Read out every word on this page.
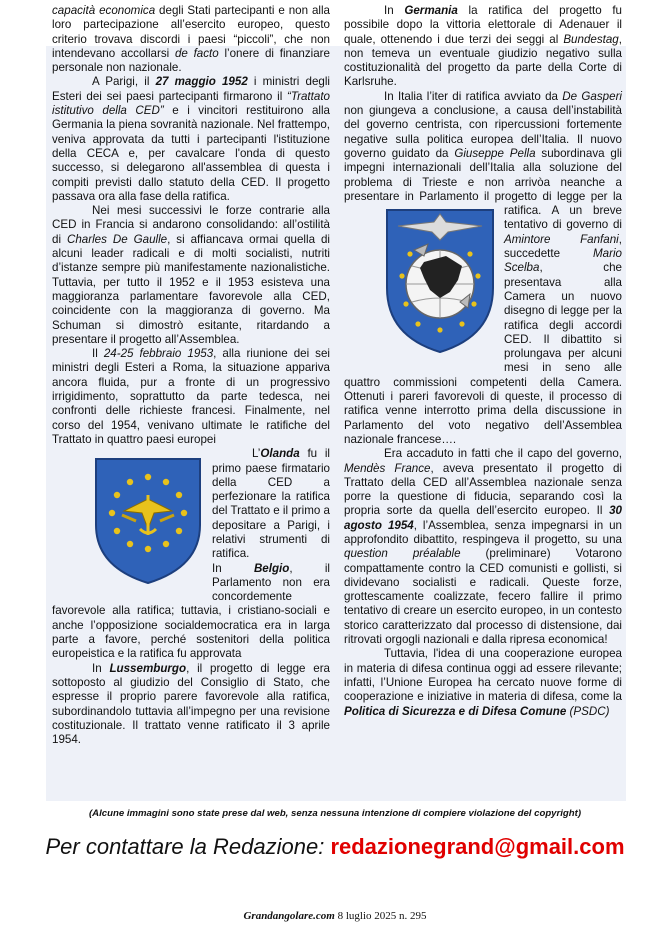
capacità economica degli Stati partecipanti e non alla loro partecipazione all’esercito europeo, questo criterio trovava discordi i paesi “piccoli”, che non intendevano accollarsi de facto l’onere di finanziare personale non nazionale.

A Parigi, il 27 maggio 1952 i ministri degli Esteri dei sei paesi partecipanti firmarono il “Trattato istitutivo della CED” e i vincitori restituirono alla Germania la piena sovranità nazionale. Nel frattempo, veniva approvata da tutti i partecipanti l'istituzione della CECA e, per cavalcare l'onda di questo successo, si delegarono all'assemblea di questa i compiti previsti dallo statuto della CED. Il progetto passava ora alla fase della ratifica.

Nei mesi successivi le forze contrarie alla CED in Francia si andarono consolidando: all’ostilità di Charles De Gaulle, si affiancava ormai quella di alcuni leader radicali e di molti socialisti, nutriti d’istanze sempre più manifestamente nazionalistiche. Tuttavia, per tutto il 1952 e il 1953 esisteva una maggioranza parlamentare favorevole alla CED, coincidente con la maggioranza di governo. Ma Schuman si dimostrò esitante, ritardando a presentare il progetto all’Assemblea.

Il 24-25 febbraio 1953, alla riunione dei sei ministri degli Esteri a Roma, la situazione appariva ancora fluida, pur a fronte di un progressivo irrigidimento, soprattutto da parte tedesca, nei confronti delle richieste francesi. Finalmente, nel corso del 1954, venivano ultimate le ratifiche del Trattato in quattro paesi europei

L’Olanda fu il primo paese firmatario della CED a perfezionare la ratifica del Trattato e il primo a depositare a Parigi, i relativi strumenti di ratifica.

In Belgio, il Parlamento non era concordemente favorevole alla ratifica; tuttavia, i cristiano-sociali e anche l’opposizione socialdemocratica era in larga parte a favore, perché sostenitori della politica europeistica e la ratifica fu approvata

In Lussemburgo, il progetto di legge era sottoposto al giudizio del Consiglio di Stato, che espresse il proprio parere favorevole alla ratifica, subordinandolo tuttavia all’impegno per una revisione costituzionale. Il trattato venne ratificato il 3 aprile 1954.

In Germania la ratifica del progetto fu possibile dopo la vittoria elettorale di Adenauer il quale, ottenendo i due terzi dei seggi al Bundestag, non temeva un eventuale giudizio negativo sulla costituzionalità del progetto da parte della Corte di Karlsruhe.

In Italia l’iter di ratifica avviato da De Gasperi non giungeva a conclusione, a causa dell’instabilità del governo centrista, con ripercussioni fortemente negative sulla politica europea dell’Italia. Il nuovo governo guidato da Giuseppe Pella subordinava gli impegni internazionali dell’Italia alla soluzione del problema di Trieste e non arrivòa neanche a presentare in Parlamento il progetto di legge
per la ratifica. A un breve tentativo di governo di Amintore Fanfani, succedette Mario Scelba, che presentava alla Camera un nuovo disegno di legge per la ratifica degli accordi CED. Il dibattito si prolungava per alcuni mesi in seno alle quattro commissioni competenti della Camera. Ottenuti i pareri favorevoli di queste, il processo di ratifica venne interrotto prima della discussione in Parlamento del voto negativo dell’Assemblea nazionale francese….

Era accaduto in fatti che il capo del governo, Mendès France, aveva presentato il progetto di Trattato della CED all’Assemblea nazionale senza porre la questione di fiducia, separando così la propria sorte da quella dell’esercito europeo. Il 30 agosto 1954, l’Assemblea, senza impegnarsi in un approfondito dibattito, respingeva il progetto, su una question préalable (preliminare) Votarono compattamente contro la CED comunisti e gollisti, si dividevano socialisti e radicali. Queste forze, grottescamente coalizzate, fecero fallire il primo tentativo di creare un esercito europeo, in un contesto storico caratterizzato dal processo di distensione, dai ritrovati orgogli nazionali e dalla ripresa economica!

Tuttavia, l'idea di una cooperazione europea in materia di difesa continua oggi ad essere rilevante; infatti, l’Unione Europea ha cercato nuove forme di cooperazione e iniziative in materia di difesa, come la Politica di Sicurezza e di Difesa Comune (PSDC)

(Alcune immagini sono state prese dal web, senza nessuna intenzione di compiere violazione del copyright)
Per contattare la Redazione: redazionegrand@gmail.com
Grandangolare.com 8 luglio 2025 n. 295
